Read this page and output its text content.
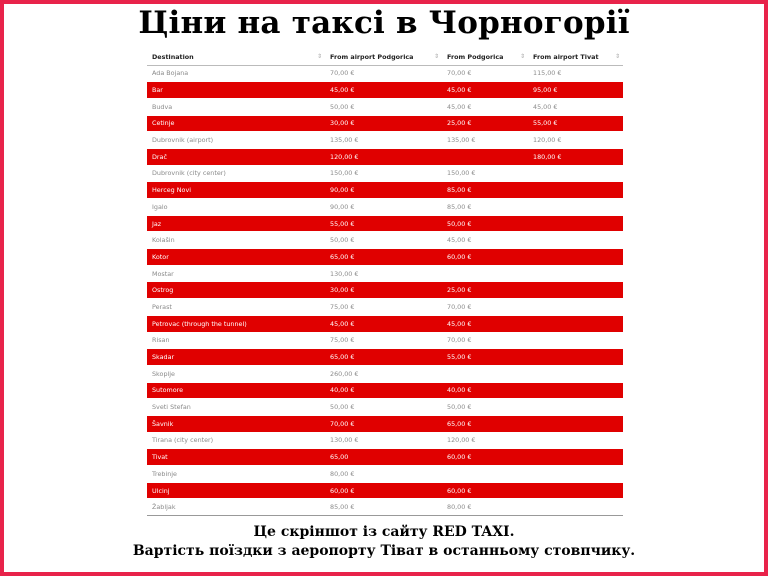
Ціни на таксі в Чорногорії
Destination ⇕	From airport Podgorica ⇕	From Podgorica ⇕	From airport Tivat ⇕

Ada Bojana	70,00 €	70,00 €	115,00 €
Bar	45,00 €	45,00 €	95,00 €
Budva	50,00 €	45,00 €	45,00 €
Cetinje	30,00 €	25,00 €	55,00 €
Dubrovnik (airport)	135,00 €	135,00 €	120,00 €
Drač	120,00 €		180,00 €
Dubrovnik (city center)	150,00 €	150,00 €	
Herceg Novi	90,00 €	85,00 €	
Igalo	90,00 €	85,00 €	
Jaz	55,00 €	50,00 €	
Kolašin	50,00 €	45,00 €	
Kotor	65,00 €	60,00 €	
Mostar	130,00 €		
Ostrog	30,00 €	25,00 €	
Perast	75,00 €	70,00 €	
Petrovac (through the tunnel)	45,00 €	45,00 €	
Risan	75,00 €	70,00 €	
Skadar	65,00 €	55,00 €	
Skoplje	260,00 €		
Sutomore	40,00 €	40,00 €	
Sveti Stefan	50,00 €	50,00 €	
Šavnik	70,00 €	65,00 €	
Tirana (city center)	130,00 €	120,00 €	
Tivat	65,00	60,00 €	
Trebinje	80,00 €		
Ulcinj	60,00 €	60,00 €	
Žabljak	85,00 €	80,00 €	

Це скріншот із сайту RED TAXI.

Вартість поїздки з аеропорту Тіват в останньому стовпчику.
